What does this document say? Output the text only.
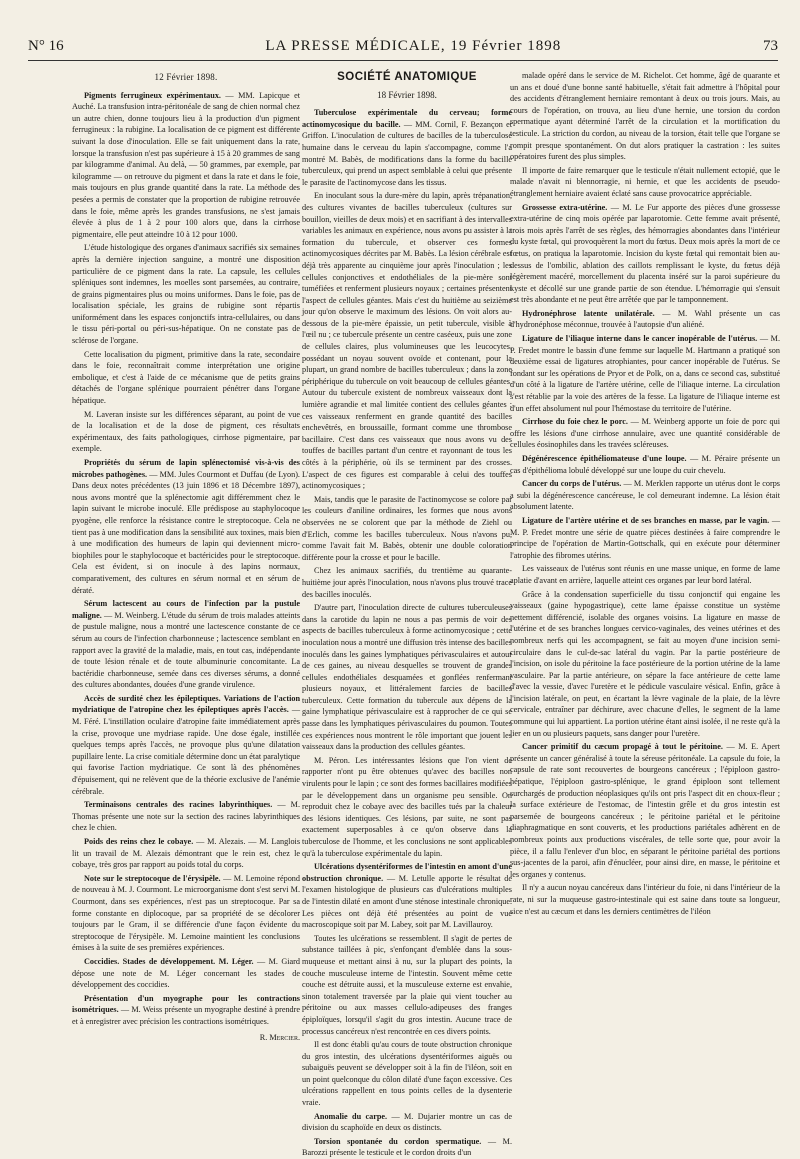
N° 16	LA PRESSE MÉDICALE, 19 Février 1898	73
12 Février 1898.

Pigments ferrugineux expérimentaux. — MM. Lapicque et Auché. La transfusion intra-péritonéale de sang de chien normal chez un autre chien, donne toujours lieu à la production d'un pigment ferrugineux : la rubigine. La localisation de ce pigment est différente suivant la dose d'inoculation. Elle se fait uniquement dans la rate, lorsque la transfusion n'est pas supérieure à 15 à 20 grammes de sang par kilogramme d'animal. Au delà, — 50 grammes, par exemple, par kilogramme — on retrouve du pigment et dans la rate et dans le foie, mais toujours en plus grande quantité dans la rate. La méthode des pesées a permis de constater que la proportion de rubigine retrouvée dans le foie, même après les grandes transfusions, ne s'est jamais élevée à plus de 1 à 2 pour 100 alors que, dans la cirrhose pigmentaire, elle peut atteindre 10 à 12 pour 1000.

L'étude histologique des organes d'animaux sacrifiés six semaines après la dernière injection sanguine, a montré une disposition particulière de ce pigment dans la rate. La capsule, les cellules spléniques sont indemnes, les moelles sont parsemées, au contraire, de grains pigmentaires plus ou moins uniformes. Dans le foie, pas de localisation spéciale, les grains de rubigine sont répartis uniformément dans les espaces conjonctifs intra-cellulaires, ou dans le tissu péri-portal ou péri-sus-hépatique. On ne constate pas de sclérose de l'organe.

Cette localisation du pigment, primitive dans la rate, secondaire dans le foie, reconnaîtrait comme interprétation une origine embolique, et c'est à l'aide de ce mécanisme que de petits grains détachés de l'organe splénique pourraient pénétrer dans l'organe hépatique.

M. Laveran insiste sur les différences séparant, au point de vue de la localisation et de la dose de pigment, ces résultats expérimentaux, des faits pathologiques, cirrhose pigmentaire, par exemple.

Propriétés du sérum de lapin splénectomisé vis-à-vis des microbes pathogènes. — MM. Jules Courmont et Duffau (de Lyon). Dans deux notes précédentes (13 juin 1896 et 18 Décembre 1897), nous avons montré que la splénectomie agit différemment chez le lapin suivant le microbe inoculé. Elle prédispose au staphylocoque pyogène, elle renforce la résistance contre le streptocoque. Cela ne tient pas à une modification dans la sensibilité aux toxines, mais bien à une modification des humeurs de lapin qui deviennent micro-biophiles pour le staphylocoque et bactéricides pour le streptocoque. Cela est évident, si on inocule à des lapins normaux, comparativement, des cultures en sérum normal et en sérum de dératé.

Sérum lactescent au cours de l'infection par la pustule maligne. — M. Weinberg. L'étude du sérum de trois malades atteints de pustule maligne, nous a montré une lactescence constante de ce sérum au cours de l'infection charbonneuse ; lactescence semblant en rapport avec la gravité de la maladie, mais, en tout cas, indépendante de toute lésion rénale et de toute albuminurie concomitante. La bactéridie charbonneuse, semée dans ces diverses sérums, a donné des cultures abondantes, douées d'une grande virulence.

Accès de surdité chez les épileptiques. Variations de l'action mydriatique de l'atropine chez les épileptiques après l'accès. — M. Féré. L'instillation oculaire d'atropine faite immédiatement après la crise, provoque une mydriase rapide. Une dose égale, instillée quelques temps après l'accès, ne provoque plus qu'une dilatation pupillaire lente. La crise comitiale détermine donc un état paralytique qui favorise l'action mydriatique. Ce sont là des phénomènes d'épuisement, qui ne relèvent que de la théorie exclusive de l'anémie cérébrale.

Terminaisons centrales des racines labyrinthiques. — M. Thomas présente une note sur la section des racines labyrinthiques chez le chien.

Poids des reins chez le cobaye. — M. Alezais. — M. Langlois lit un travail de M. Alezais démontrant que le rein est, chez le cobaye, très gros par rapport au poids total du corps.

Note sur le streptocoque de l'érysipèle. — M. Lemoine répond de nouveau à M. J. Courmont. Le microorganisme dont s'est servi M. Courmont, dans ses expériences, n'est pas un streptocoque. Par sa forme constante en diplocoque, par sa propriété de se décolorer toujours par le Gram, il se différencie d'une façon évidente du streptocoque de l'érysipèle. M. Lemoine maintient les conclusions émises à la suite de ses premières expériences.

Coccidies. Stades de développement. M. Léger. — M. Giard dépose une note de M. Léger concernant les stades de développement des coccidies.

Présentation d'un myographe pour les contractions isométriques. — M. Weiss présente un myographe destiné à prendre et à enregistrer avec précision les contractions isométriques.

R. Mercier.
SOCIÉTÉ ANATOMIQUE
18 Février 1898.

Tuberculose expérimentale du cerveau; forme actinomycosique du bacille. — MM. Cornil, F. Bezançon et Griffon. L'inoculation de cultures de bacilles de la tuberculose humaine dans le cerveau du lapin s'accompagne, comme l'a montré M. Babès, de modifications dans la forme du bacille tuberculeux, qui prend un aspect semblable à celui que présente le parasite de l'actinomycose dans les tissus.

En inoculant sous la dure-mère du lapin, après trépanation, des cultures vivantes de bacilles tuberculeux (cultures sur bouillon, vieilles de deux mois) et en sacrifiant à des intervalles variables les animaux en expérience, nous avons pu assister à la formation du tubercule, et observer ces formes actinomycosiques décrites par M. Babès. La lésion cérébrale est déjà très apparente au cinquième jour après l'inoculation ; les cellules conjonctives et endothéliales de la pie-mère sont tuméfiées et renferment plusieurs noyaux ; certaines présentent l'aspect de cellules géantes. Mais c'est du huitième au seizième jour qu'on observe le maximum des lésions. On voit alors au-dessous de la pie-mère épaissie, un petit tubercule, visible à l'œil nu ; ce tubercule présente un centre caséeux, puis une zone de cellules claires, plus volumineuses que les leucocytes, possédant un noyau souvent ovoïde et contenant, pour la plupart, un grand nombre de bacilles tuberculeux ; dans la zone périphérique du tubercule on voit beaucoup de cellules géantes. Autour du tubercule existent de nombreux vaisseaux dont la lumière agrandie et mal limitée contient des cellules géantes ; ces vaisseaux renferment en grande quantité des bacilles enchevêtrés, en broussaille, formant comme une thrombose bacillaire. C'est dans ces vaisseaux que nous avons vu des touffes de bacilles partant d'un centre et rayonnant de tous les côtés à la périphérie, où ils se terminent par des crosses. L'aspect de ces figures est comparable à celui des touffes actinomycosiques ;

Mais, tandis que le parasite de l'actinomycose se colore par les couleurs d'aniline ordinaires, les formes que nous avons observées ne se colorent que par la méthode de Ziehl ou d'Erlich, comme les bacilles tuberculeux. Nous n'avons pu, comme l'avait fait M. Babès, obtenir une double coloration différente pour la crosse et pour le bacille.

Chez les animaux sacrifiés, du trentième au quarante-huitième jour après l'inoculation, nous n'avons plus trouvé trace des bacilles inoculés.

D'autre part, l'inoculation directe de cultures tuberculeuses dans la carotide du lapin ne nous a pas permis de voir des aspects de bacilles tuberculeux à forme actinomycosique ; cette inoculation nous a montré une diffusion très intense des bacilles inoculés dans les gaines lymphatiques périvasculaires et autour de ces gaines, au niveau desquelles se trouvent de grandes cellules endothéliales desquamées et gonflées renfermant plusieurs noyaux, et littéralement farcies de bacilles tuberculeux. Cette formation du tubercule aux dépens de la gaine lymphatique périvasculaire est à rapprocher de ce qui se passe dans les lymphatiques périvasculaires du poumon. Toutes ces expériences nous montrent le rôle important que jouent les vaisseaux dans la production des cellules géantes.

M. Péron. Les intéressantes lésions que l'on vient de rapporter n'ont pu être obtenues qu'avec des bacilles non virulents pour le lapin ; ce sont des formes bacillaires modifiées par le développement dans un organisme peu sensible. On reproduit chez le cobaye avec des bacilles tués par la chaleur des lésions identiques. Ces lésions, par suite, ne sont pas exactement superposables à ce qu'on observe dans la tuberculose de l'homme, et les conclusions ne sont applicables qu'à la tuberculose expérimentale du lapin.

Ulcérations dysentériformes de l'intestin en amont d'une obstruction chronique. — M. Letulle apporte le résultat de l'examen histologique de plusieurs cas d'ulcérations multiples de l'intestin dilaté en amont d'une sténose intestinale chronique. Les pièces ont déjà été présentées au point de vue macroscopique soit par M. Labey, soit par M. Lavillauroy.

Toutes les ulcérations se ressemblent. Il s'agit de pertes de substance taillées à pic, s'enfonçant d'emblée dans la sous-muqueuse et mettant ainsi à nu, sur la plupart des points, la couche musculeuse interne de l'intestin. Souvent même cette couche est détruite aussi, et la musculeuse externe est envahie, sinon totalement traversée par la plaie qui vient toucher au péritoine ou aux masses cellulo-adipeuses des franges épiploïques, lorsqu'il s'agit du gros intestin. Aucune trace de processus cancéreux n'est rencontrée en ces divers points.

Il est donc établi qu'au cours de toute obstruction chronique du gros intestin, des ulcérations dysentériformes aiguës ou subaiguës peuvent se développer soit à la fin de l'iléon, soit en un point quelconque du côlon dilaté d'une façon excessive. Ces ulcérations rappellent en tous points celles de la dysenterie vraie.

Anomalie du carpe. — M. Dujarier montre un cas de division du scaphoïde en deux os distincts.

Torsion spontanée du cordon spermatique. — M. Barozzi présente le testicule et le cordon droits d'un

malade opéré dans le service de M. Richelot. Cet homme, âgé de quarante et un ans et doué d'une bonne santé habituelle, s'était fait admettre à l'hôpital pour des accidents d'étranglement herniaire remontant à deux ou trois jours. Mais, au cours de l'opération, on trouva, au lieu d'une hernie, une torsion du cordon spermatique ayant déterminé l'arrêt de la circulation et la mortification du testicule. La striction du cordon, au niveau de la torsion, était telle que l'organe se rompit presque spontanément. On dut alors pratiquer la castration : les suites opératoires furent des plus simples.

Il importe de faire remarquer que le testicule n'était nullement ectopié, que le malade n'avait ni blennorragie, ni hernie, et que les accidents de pseudo-étranglement herniaire avaient éclaté sans cause provocatrice appréciable.

Grossesse extra-utérine. — M. Le Fur apporte des pièces d'une grossesse extra-utérine de cinq mois opérée par laparotomie. Cette femme avait présenté, trois mois après l'arrêt de ses règles, des hémorragies abondantes dans l'intérieur du kyste fœtal, qui provoquèrent la mort du fœtus. Deux mois après la mort de ce fœtus, on pratiqua la laparotomie. Incision du kyste fœtal qui remontait bien au-dessus de l'ombilic, ablation des caillots remplissant le kyste, du fœtus déjà légèrement macéré, morcellement du placenta inséré sur la paroi supérieure du kyste et décollé sur une grande partie de son étendue. L'hémorragie qui s'ensuit est très abondante et ne peut être arrêtée que par le tamponnement.

Hydronéphrose latente unilatérale. — M. Wahl présente un cas d'hydronéphose méconnue, trouvée à l'autopsie d'un aliéné.

Ligature de l'iliaque interne dans le cancer inopérable de l'utérus. — M. P. Fredet montre le bassin d'une femme sur laquelle M. Hartmann a pratiqué son deuxième essai de ligatures atrophiantes, pour cancer inopérable de l'utérus. Se fondant sur les opérations de Pryor et de Polk, on a, dans ce second cas, substitué d'un côté à la ligature de l'artère utérine, celle de l'iliaque interne. La circulation s'est rétablie par la voie des artères de la fesse. La ligature de l'iliaque interne est d'un effet absolument nul pour l'hémostase du territoire de l'utérine.

Cirrhose du foie chez le porc. — M. Weinberg apporte un foie de porc qui offre les lésions d'une cirrhose annulaire, avec une quantité considérable de cellules éosinophiles dans les travées scléreuses.

Dégénérescence épithéliomateuse d'une loupe. — M. Péraire présente un cas d'épithélioma lobulé développé sur une loupe du cuir chevelu.

Cancer du corps de l'utérus. — M. Merklen rapporte un utérus dont le corps a subi la dégénérescence cancéreuse, le col demeurant indemne. La lésion était absolument latente.

Ligature de l'artère utérine et de ses branches en masse, par le vagin. — M. P. Fredet montre une série de quatre pièces destinées à faire comprendre le principe de l'opération de Martin-Gottschalk, qui en exécute pour déterminer l'atrophie des fibromes utérins.

Les vaisseaux de l'utérus sont réunis en une masse unique, en forme de lame aplatie d'avant en arrière, laquelle atteint ces organes par leur bord latéral.

Grâce à la condensation superficielle du tissu conjonctif qui engaine les vaisseaux (gaine hypogastrique), cette lame épaisse constitue un système nettement différencié, isolable des organes voisins. La ligature en masse de l'utérine et de ses branches longues cervico-vaginales, des veines utérines et des nombreux nerfs qui les accompagnent, se fait au moyen d'une incision semi-circulaire dans le cul-de-sac latéral du vagin. Par la partie postérieure de l'incision, on isole du péritoine la face postérieure de la portion utérine de la lame vasculaire. Par la partie antérieure, on sépare la face antérieure de cette lame d'avec la vessie, d'avec l'uretère et le pédicule vasculaire vésical. Enfin, grâce à l'incision latérale, on peut, en écartant la lèvre vaginale de la plaie, de la lèvre cervicale, entraîner par déchirure, avec chacune d'elles, le segment de la lame commune qui lui appartient. La portion utérine étant ainsi isolée, il ne reste qu'à la lier en un ou plusieurs paquets, sans danger pour l'uretère.

Cancer primitif du cæcum propagé à tout le péritoine. — M. E. Apert présente un cancer généralisé à toute la séreuse péritonéale. La capsule du foie, la capsule de rate sont recouvertes de bourgeons cancéreux ; l'épiploon gastro-hépatique, l'épiploon gastro-splénique, le grand épiploon sont tellement surchargés de production néoplasiques qu'ils ont pris l'aspect dit en choux-fleur ; la surface extérieure de l'estomac, de l'intestin grêle et du gros intestin est parsemée de bourgeons cancéreux ; le péritoine pariétal et le péritoine diaphragmatique en sont couverts, et les productions pariétales adhèrent en de nombreux points aux productions viscérales, de telle sorte que, pour avoir la pièce, il a fallu l'enlever d'un bloc, en séparant le péritoine pariétal des portions sus-jacentes de la paroi, afin d'énucléer, pour ainsi dire, en masse, le péritoine et les organes y contenus.

Il n'y a aucun noyau cancéreux dans l'intérieur du foie, ni dans l'intérieur de la rate, ni sur la muqueuse gastro-intestinale qui est saine dans toute sa longueur, sice n'est au cæcum et dans les derniers centimètres de l'iléon
